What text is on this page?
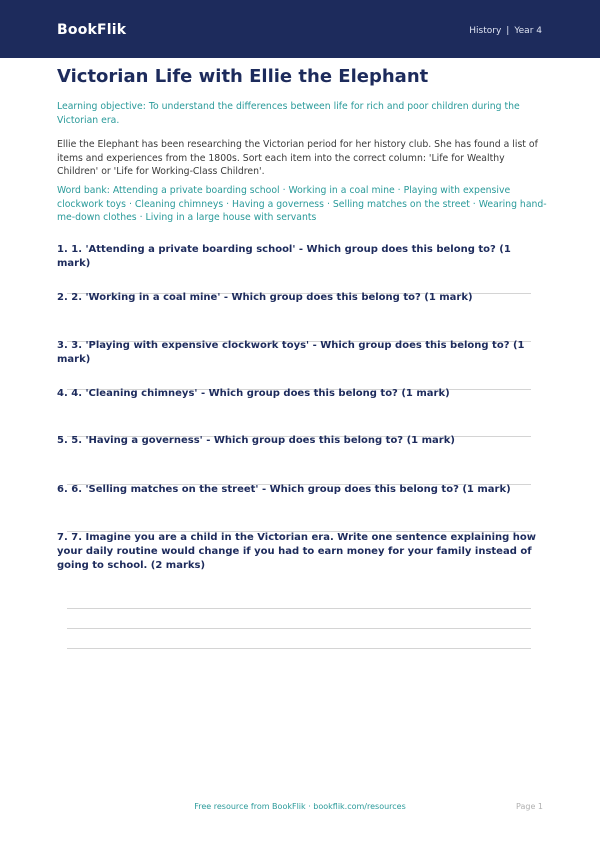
BookFlik	History | Year 4
Victorian Life with Ellie the Elephant
Learning objective: To understand the differences between life for rich and poor children during the Victorian era.
Ellie the Elephant has been researching the Victorian period for her history club. She has found a list of items and experiences from the 1800s. Sort each item into the correct column: 'Life for Wealthy Children' or 'Life for Working-Class Children'.
Word bank: Attending a private boarding school · Working in a coal mine · Playing with expensive clockwork toys · Cleaning chimneys · Having a governess · Selling matches on the street · Wearing hand-me-down clothes · Living in a large house with servants
1. 1. 'Attending a private boarding school' - Which group does this belong to? (1 mark)
2. 2. 'Working in a coal mine' - Which group does this belong to? (1 mark)
3. 3. 'Playing with expensive clockwork toys' - Which group does this belong to? (1 mark)
4. 4. 'Cleaning chimneys' - Which group does this belong to? (1 mark)
5. 5. 'Having a governess' - Which group does this belong to? (1 mark)
6. 6. 'Selling matches on the street' - Which group does this belong to? (1 mark)
7. 7. Imagine you are a child in the Victorian era. Write one sentence explaining how your daily routine would change if you had to earn money for your family instead of going to school. (2 marks)
Free resource from BookFlik · bookflik.com/resources	Page 1
